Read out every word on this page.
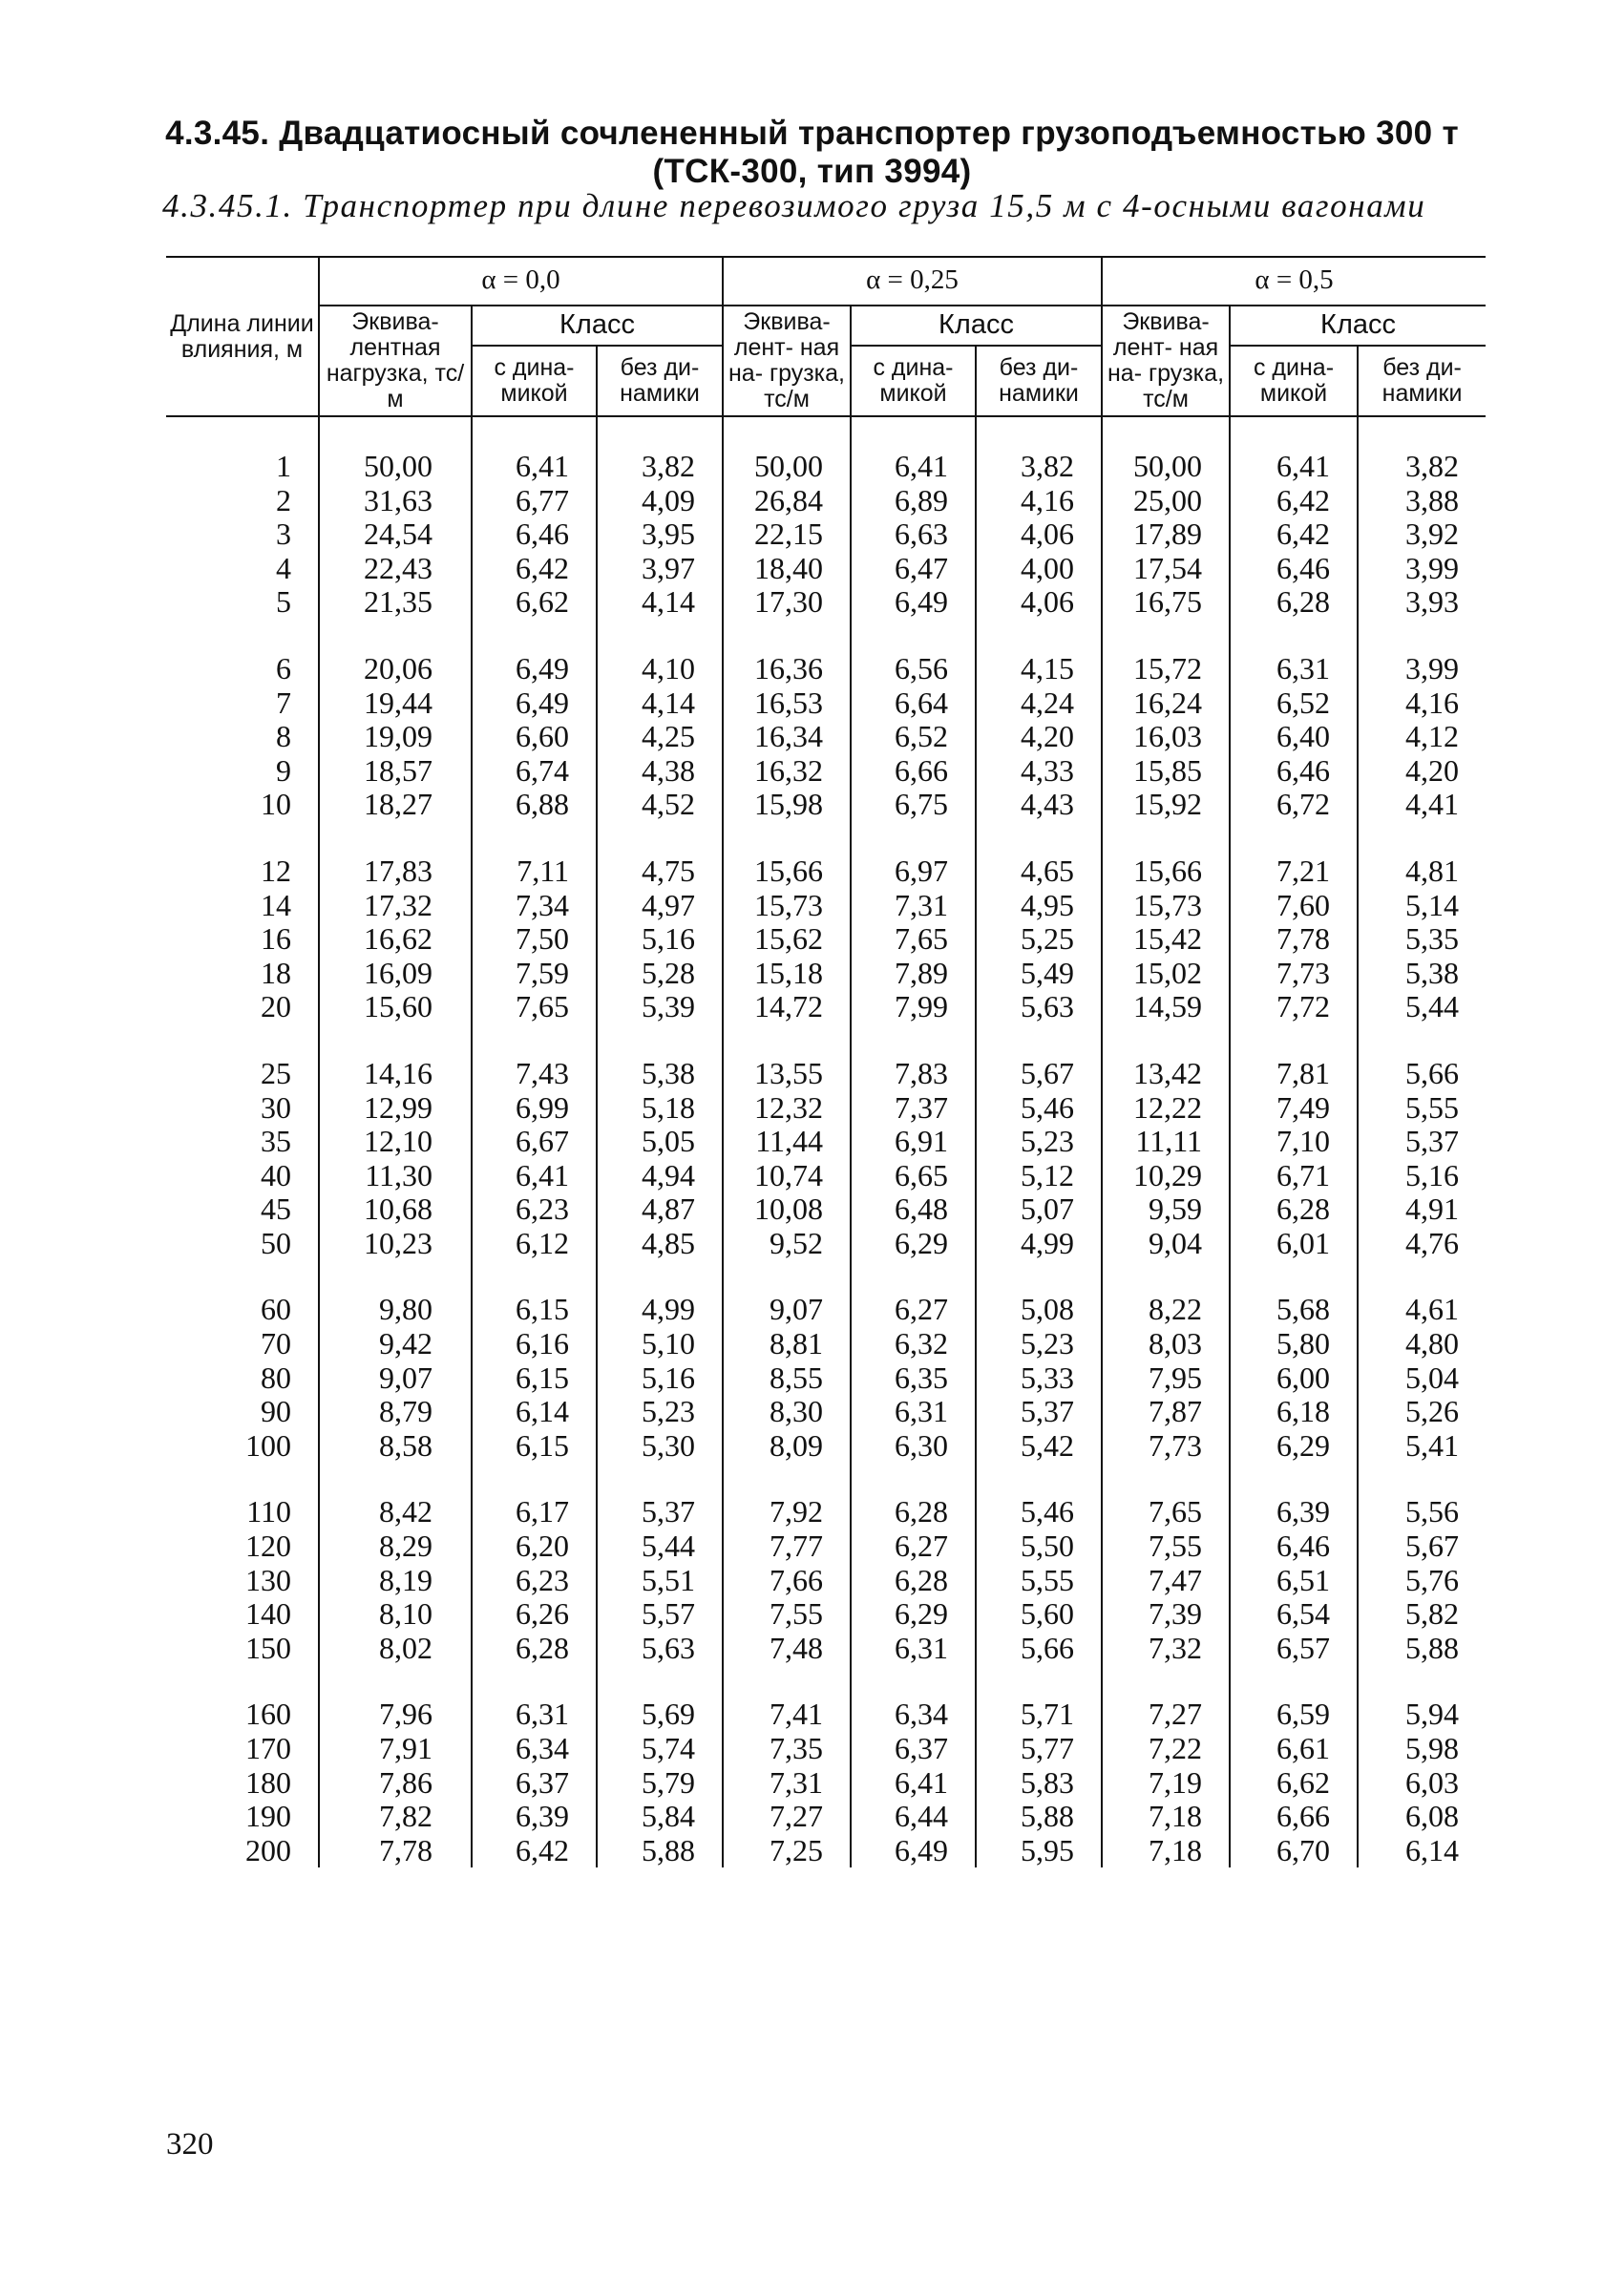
4.3.45. Двадцатиосный сочлененный транспортер грузоподъемностью 300 т
(ТСК-300, тип 3994)
4.3.45.1. Транспортер при длине перевозимого груза 15,5 м с 4-осными вагонами
Длина линии влияния, м	α = 0,0			α = 0,25			α = 0,5		
	Эквива- лентная нагрузка, тс/м	Класс		Эквива- лент- ная на- грузка, тс/м	Класс		Эквива- лент- ная на- грузка, тс/м	Класс	
		с дина- микой	без ди- намики		с дина- микой	без ди- намики		с дина- микой	без ди- намики

1	50,00	6,41	3,82	50,00	6,41	3,82	50,00	6,41	3,82
2	31,63	6,77	4,09	26,84	6,89	4,16	25,00	6,42	3,88
3	24,54	6,46	3,95	22,15	6,63	4,06	17,89	6,42	3,92
4	22,43	6,42	3,97	18,40	6,47	4,00	17,54	6,46	3,99
5	21,35	6,62	4,14	17,30	6,49	4,06	16,75	6,28	3,93

6	20,06	6,49	4,10	16,36	6,56	4,15	15,72	6,31	3,99
7	19,44	6,49	4,14	16,53	6,64	4,24	16,24	6,52	4,16
8	19,09	6,60	4,25	16,34	6,52	4,20	16,03	6,40	4,12
9	18,57	6,74	4,38	16,32	6,66	4,33	15,85	6,46	4,20
10	18,27	6,88	4,52	15,98	6,75	4,43	15,92	6,72	4,41

12	17,83	7,11	4,75	15,66	6,97	4,65	15,66	7,21	4,81
14	17,32	7,34	4,97	15,73	7,31	4,95	15,73	7,60	5,14
16	16,62	7,50	5,16	15,62	7,65	5,25	15,42	7,78	5,35
18	16,09	7,59	5,28	15,18	7,89	5,49	15,02	7,73	5,38
20	15,60	7,65	5,39	14,72	7,99	5,63	14,59	7,72	5,44

25	14,16	7,43	5,38	13,55	7,83	5,67	13,42	7,81	5,66
30	12,99	6,99	5,18	12,32	7,37	5,46	12,22	7,49	5,55
35	12,10	6,67	5,05	11,44	6,91	5,23	11,11	7,10	5,37
40	11,30	6,41	4,94	10,74	6,65	5,12	10,29	6,71	5,16
45	10,68	6,23	4,87	10,08	6,48	5,07	9,59	6,28	4,91
50	10,23	6,12	4,85	9,52	6,29	4,99	9,04	6,01	4,76

60	9,80	6,15	4,99	9,07	6,27	5,08	8,22	5,68	4,61
70	9,42	6,16	5,10	8,81	6,32	5,23	8,03	5,80	4,80
80	9,07	6,15	5,16	8,55	6,35	5,33	7,95	6,00	5,04
90	8,79	6,14	5,23	8,30	6,31	5,37	7,87	6,18	5,26
100	8,58	6,15	5,30	8,09	6,30	5,42	7,73	6,29	5,41

110	8,42	6,17	5,37	7,92	6,28	5,46	7,65	6,39	5,56
120	8,29	6,20	5,44	7,77	6,27	5,50	7,55	6,46	5,67
130	8,19	6,23	5,51	7,66	6,28	5,55	7,47	6,51	5,76
140	8,10	6,26	5,57	7,55	6,29	5,60	7,39	6,54	5,82
150	8,02	6,28	5,63	7,48	6,31	5,66	7,32	6,57	5,88

160	7,96	6,31	5,69	7,41	6,34	5,71	7,27	6,59	5,94
170	7,91	6,34	5,74	7,35	6,37	5,77	7,22	6,61	5,98
180	7,86	6,37	5,79	7,31	6,41	5,83	7,19	6,62	6,03
190	7,82	6,39	5,84	7,27	6,44	5,88	7,18	6,66	6,08
200	7,78	6,42	5,88	7,25	6,49	5,95	7,18	6,70	6,14
320
